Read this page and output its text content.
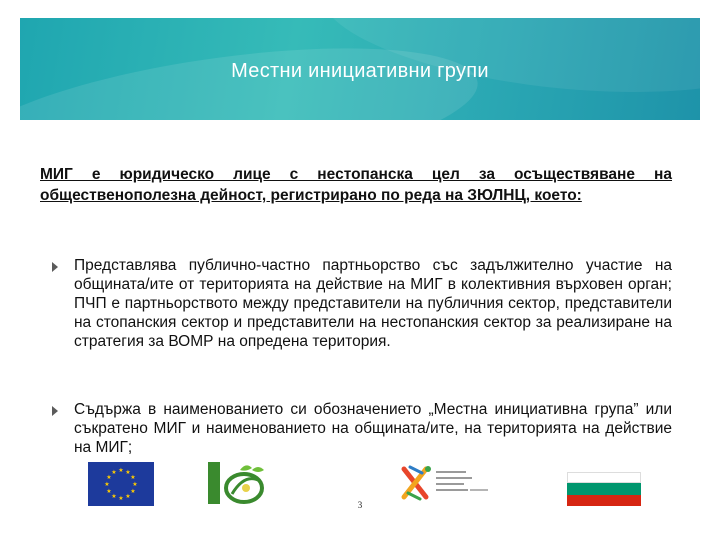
Местни инициативни групи
МИГ е юридическо лице с нестопанска цел за осъществяване на общественополезна дейност, регистрирано по реда на ЗЮЛНЦ, което:
Представлява публично-частно партньорство със задължително участие на общината/ите от територията на действие на МИГ в колективния върховен орган; ПЧП е партньорството между представители на публичния сектор, представители на стопанския сектор и представители на нестопанския сектор за реализиране на стратегия за ВОМР на опредена територия.
Съдържа в наименованието си обозначението „Местна инициативна група” или съкратено МИГ и наименованието на общината/ите, на територията на действие на МИГ;
★ ★
★
★
★
★
★
★
★
★
★
★
3
